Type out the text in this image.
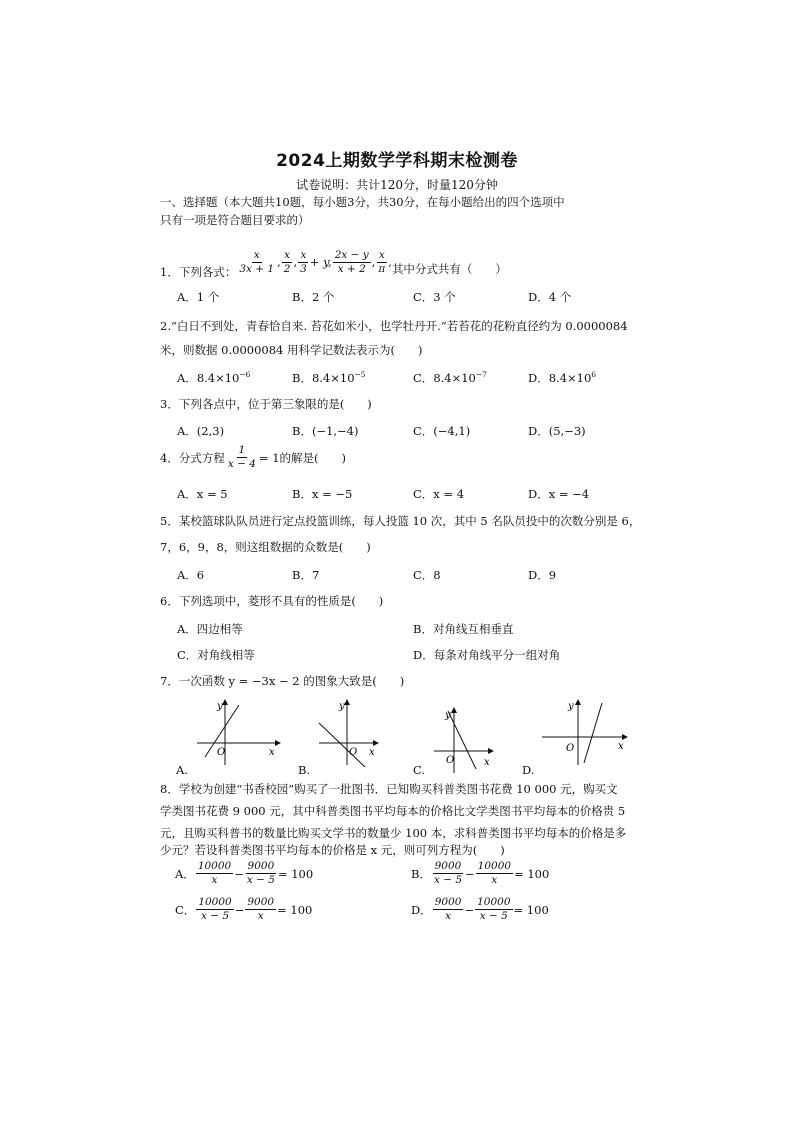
2024上期数学学科期末检测卷
试卷说明：共计120分，时量120分钟
一、选择题（本大题共10题，每小题3分，共30分，在每小题给出的四个选项中
只有一项是符合题目要求的）
1．下列各式： $\frac{x}{3x + 1}$ , $\frac{x}{2}$ , $\frac{x}{3} + y$, $\frac{2x - y}{x + 2}$ , $\frac{x}{\pi}$ , 其中分式共有（　　）
A．1 个	B．2 个	C．3 个	D．4 个
2.“白日不到处，青春恰自来. 苔花如米小，也学牡丹开.”若苔花的花粉直径约为 0.0000084
米，则数据 0.0000084 用科学记数法表示为(　　)
A．$8.4\times 10^{-6}$	B．$8.4\times 10^{-5}$	C．$8.4\times 10^{-7}$	D．$8.4\times 10^6$
3．下列各点中，位于第三象限的是(　　)
A．(2,3)	B．(−1,−4)	C．(−4,1)	D．(5,−3)
4．分式方程 $\frac{1}{x - 4} = 1$ 的解是(　　)
A．x = 5	B．x = −5	C．x = 4	D．x = −4
5．某校篮球队队员进行定点投篮训练，每人投篮 10 次，其中 5 名队员投中的次数分别是 6，
7，6，9，8，则这组数据的众数是(　　)
A．6	B．7	C．8	D．9
6．下列选项中，菱形不具有的性质是(　　)
A．四边相等	B．对角线互相垂直
C．对角线相等	D．每条对角线平分一组对角
7．一次函数 y = −3x − 2 的图象大致是(　　)
y
O	x
A.
y
O x
B.
y
O	x
C.
y
O	x
D.
8．学校为创建“书香校园”购买了一批图书．已知购买科普类图书花费 10 000 元，购买文
学类图书花费 9 000 元，其中科普类图书平均每本的价格比文学类图书平均每本的价格贵 5
元，且购买科普书的数量比购买文学书的数量少 100 本，求科普类图书平均每本的价格是多
少元？若设科普类图书平均每本的价格是 x 元，则可列方程为(　　)
A． $\frac{10000}{x} - \frac{9000}{x - 5} = 100$	B． $\frac{9000}{x - 5} - \frac{10000}{x} = 100$
C． $\frac{10000}{x - 5} - \frac{9000}{x} = 100$	D． $\frac{9000}{x} - \frac{10000}{x - 5} = 100$
